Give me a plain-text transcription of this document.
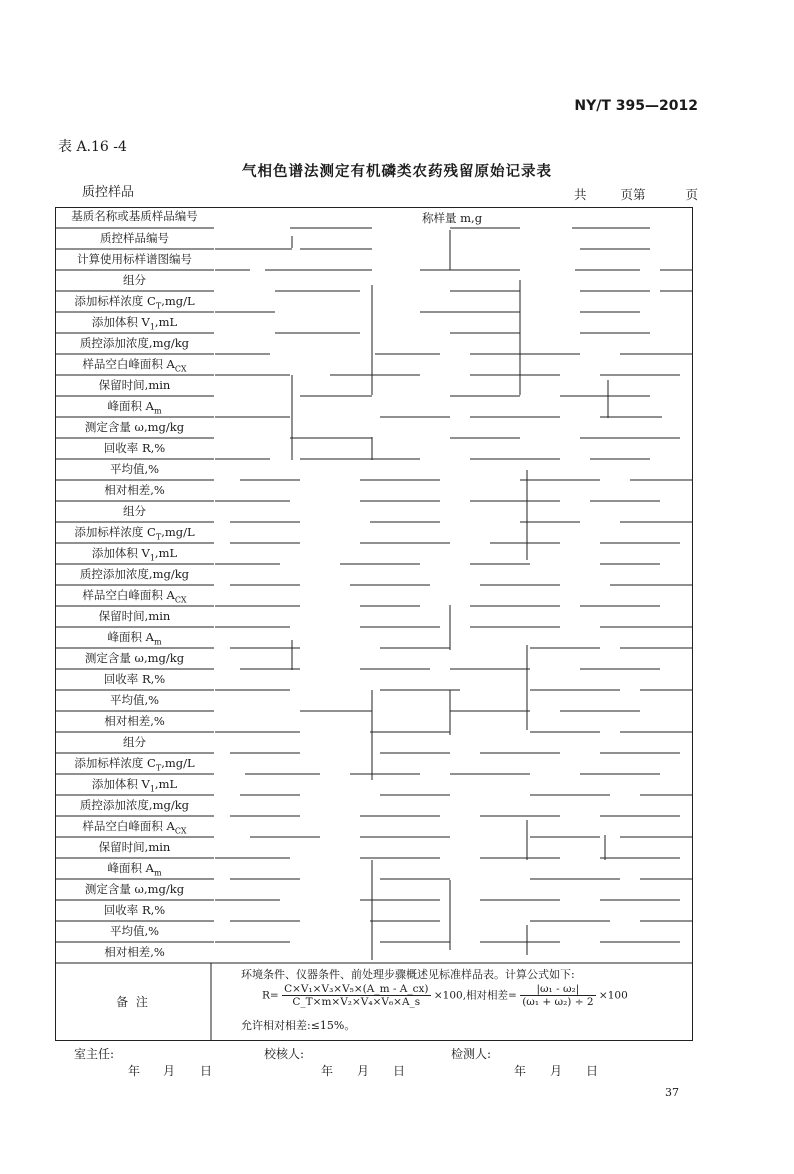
NY/T 395—2012
表 A.16 -4
气相色谱法测定有机磷类农药残留原始记录表
质控样品	共	页第	页
基质名称或基质样品编号	称样量 m,g
质控样品编号
计算使用标样谱图编号
组分
添加标样浓度 $C_T,mg/L$
添加体积 $V_1,mL$
质控添加浓度,mg/kg
样品空白峰面积 $A_{CX}$
保留时间,min
峰面积 $A_m$
测定含量 ω,mg/kg
回收率 R,%
平均值,%
相对相差,%
组分
添加标样浓度 $C_T,mg/L$
添加体积 $V_1,mL$
质控添加浓度,mg/kg
样品空白峰面积 $A_{CX}$
保留时间,min
峰面积 $A_m$
测定含量 ω,mg/kg
回收率 R,%
平均值,%
相对相差,%
组分
添加标样浓度 $C_T,mg/L$
添加体积 $V_1,mL$
质控添加浓度,mg/kg
样品空白峰面积 $A_{CX}$
保留时间,min
峰面积 $A_m$
测定含量 ω,mg/kg
回收率 R,%
平均值,%
相对相差,%
备 注
环境条件、仪器条件、前处理步骤概述见标准样品表。计算公式如下:
$R= \frac{\text{C×V₁×V₃×V₅×(A\_m - A\_cx)}}{\text{C\_T×m×V₂×V₄×V₆×A\_s}} \times 100$,相对相差= $\frac{\text{|ω₁ - ω₂|}}{\text{(ω₁ + ω₂) ÷ 2}} \times 100$
允许相对相差:≤15%。
室主任:	校核人:	检测人:
年 月 日	年 月 日	年 月 日
37
